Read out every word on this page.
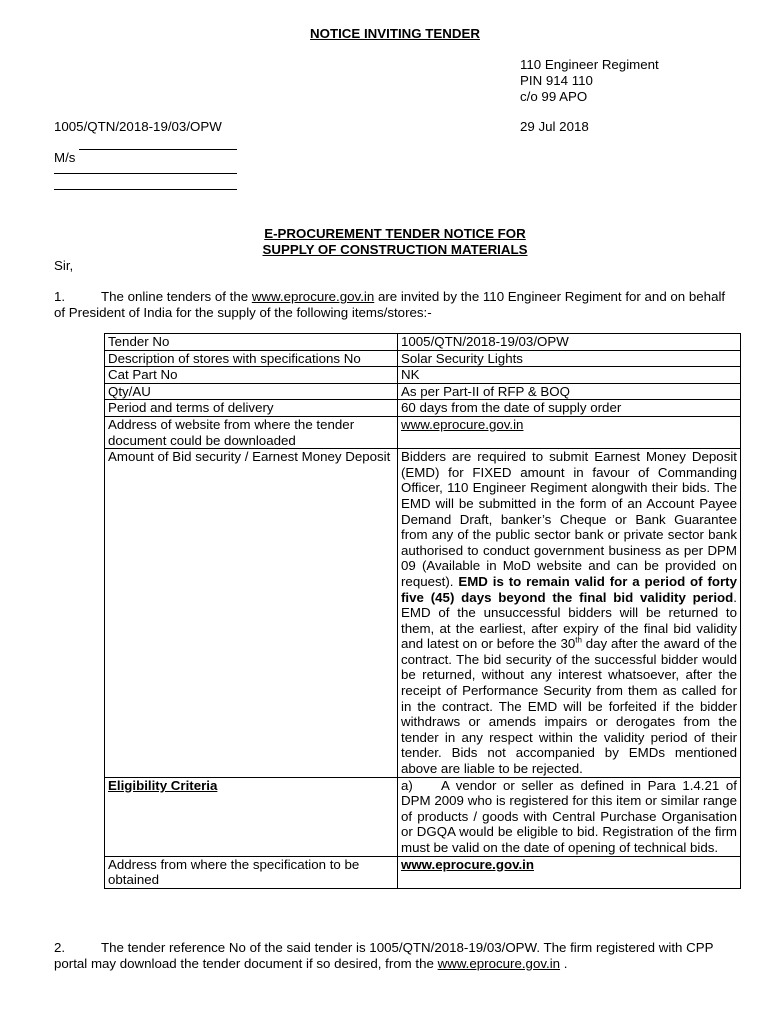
NOTICE INVITING TENDER
110 Engineer Regiment
PIN 914 110
c/o 99 APO
1005/QTN/2018-19/03/OPW	29 Jul 2018
M/s
E-PROCUREMENT TENDER NOTICE FOR
SUPPLY OF CONSTRUCTION MATERIALS
Sir,
1.	The online tenders of the www.eprocure.gov.in are invited by the 110 Engineer Regiment for and on behalf of President of India for the supply of the following items/stores:-
Tender No	1005/QTN/2018-19/03/OPW
Description of stores with specifications No	Solar Security Lights
Cat Part No	NK
Qty/AU	As per Part-II of RFP & BOQ
Period and terms of delivery	60 days from the date of supply order
Address of website from where the tender document could be downloaded	www.eprocure.gov.in
Amount of Bid security / Earnest Money Deposit	Bidders are required to submit Earnest Money Deposit (EMD) for FIXED amount in favour of Commanding Officer, 110 Engineer Regiment alongwith their bids. The EMD will be submitted in the form of an Account Payee Demand Draft, banker’s Cheque or Bank Guarantee from any of the public sector bank or private sector bank authorised to conduct government business as per DPM 09 (Available in MoD website and can be provided on request). EMD is to remain valid for a period of forty five (45) days beyond the final bid validity period. EMD of the unsuccessful bidders will be returned to them, at the earliest, after expiry of the final bid validity and latest on or before the 30th day after the award of the contract. The bid security of the successful bidder would be returned, without any interest whatsoever, after the receipt of Performance Security from them as called for in the contract. The EMD will be forfeited if the bidder withdraws or amends impairs or derogates from the tender in any respect within the validity period of their tender. Bids not accompanied by EMDs mentioned above are liable to be rejected.
Eligibility Criteria	a) A vendor or seller as defined in Para 1.4.21 of DPM 2009 who is registered for this item or similar range of products / goods with Central Purchase Organisation or DGQA would be eligible to bid. Registration of the firm must be valid on the date of opening of technical bids.
Address from where the specification to be obtained	www.eprocure.gov.in
2.	The tender reference No of the said tender is 1005/QTN/2018-19/03/OPW. The firm registered with CPP portal may download the tender document if so desired, from the www.eprocure.gov.in .
